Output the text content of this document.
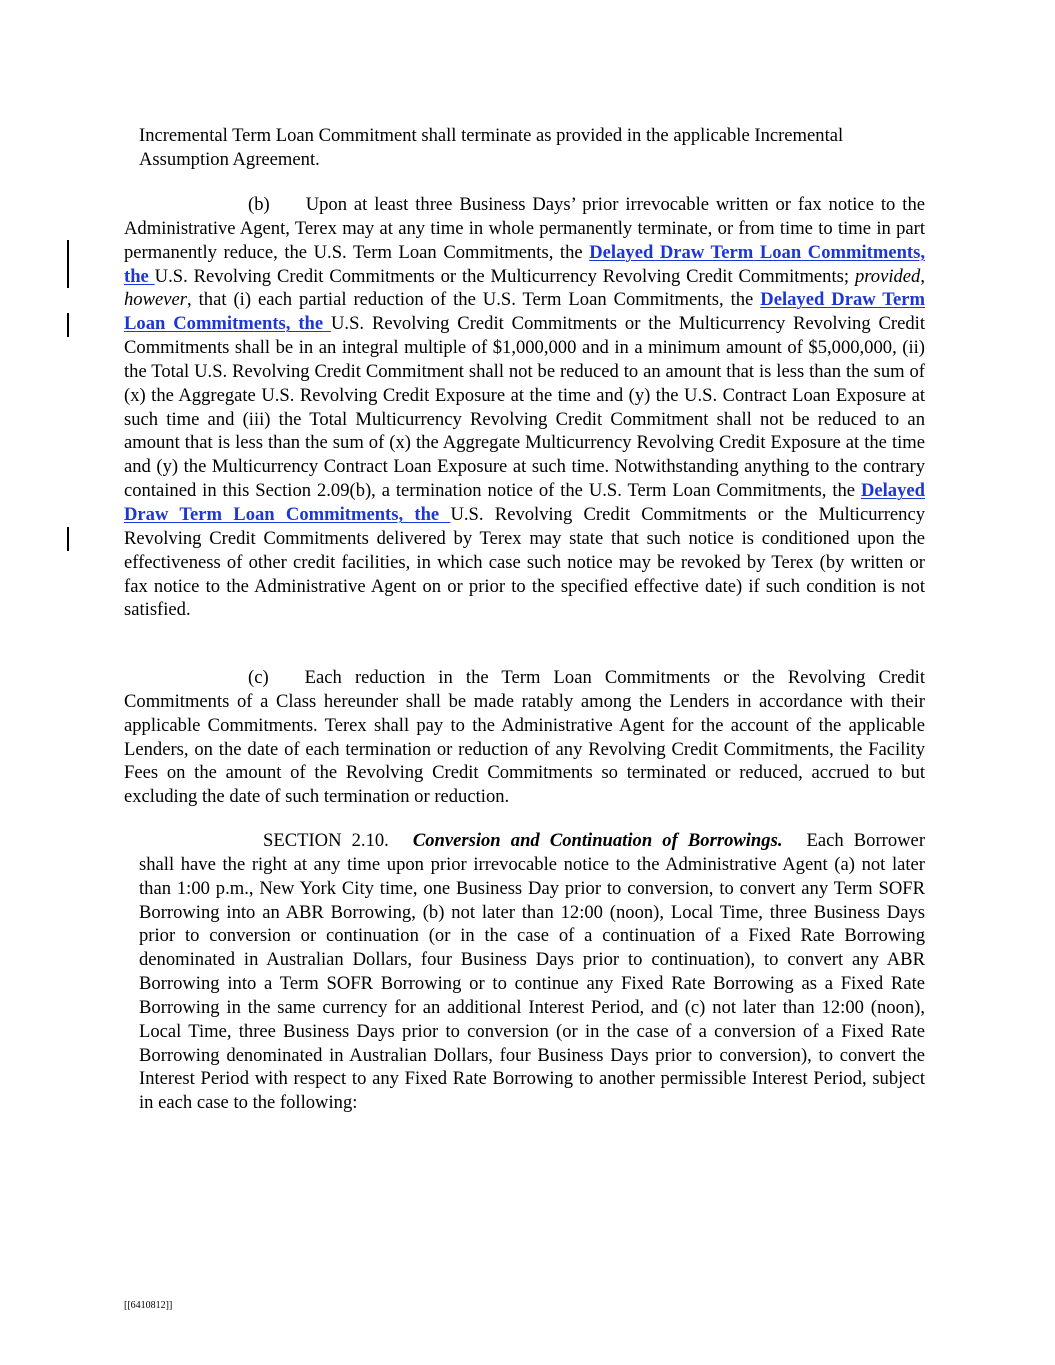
Incremental Term Loan Commitment shall terminate as provided in the applicable Incremental Assumption Agreement.

(b) Upon at least three Business Days’ prior irrevocable written or fax notice to the Administrative Agent, Terex may at any time in whole permanently terminate, or from time to time in part permanently reduce, the U.S. Term Loan Commitments, the Delayed Draw Term Loan Commitments, the U.S. Revolving Credit Commitments or the Multicurrency Revolving Credit Commitments; provided, however, that (i) each partial reduction of the U.S. Term Loan Commitments, the Delayed Draw Term Loan Commitments, the U.S. Revolving Credit Commitments or the Multicurrency Revolving Credit Commitments shall be in an integral multiple of $1,000,000 and in a minimum amount of $5,000,000, (ii) the Total U.S. Revolving Credit Commitment shall not be reduced to an amount that is less than the sum of (x) the Aggregate U.S. Revolving Credit Exposure at the time and (y) the U.S. Contract Loan Exposure at such time and (iii) the Total Multicurrency Revolving Credit Commitment shall not be reduced to an amount that is less than the sum of (x) the Aggregate Multicurrency Revolving Credit Exposure at the time and (y) the Multicurrency Contract Loan Exposure at such time. Notwithstanding anything to the contrary contained in this Section 2.09(b), a termination notice of the U.S. Term Loan Commitments, the Delayed Draw Term Loan Commitments, the U.S. Revolving Credit Commitments or the Multicurrency Revolving Credit Commitments delivered by Terex may state that such notice is conditioned upon the effectiveness of other credit facilities, in which case such notice may be revoked by Terex (by written or fax notice to the Administrative Agent on or prior to the specified effective date) if such condition is not satisfied.

(c) Each reduction in the Term Loan Commitments or the Revolving Credit Commitments of a Class hereunder shall be made ratably among the Lenders in accordance with their applicable Commitments. Terex shall pay to the Administrative Agent for the account of the applicable Lenders, on the date of each termination or reduction of any Revolving Credit Commitments, the Facility Fees on the amount of the Revolving Credit Commitments so terminated or reduced, accrued to but excluding the date of such termination or reduction.

SECTION 2.10. Conversion and Continuation of Borrowings. Each Borrower shall have the right at any time upon prior irrevocable notice to the Administrative Agent (a) not later than 1:00 p.m., New York City time, one Business Day prior to conversion, to convert any Term SOFR Borrowing into an ABR Borrowing, (b) not later than 12:00 (noon), Local Time, three Business Days prior to conversion or continuation (or in the case of a continuation of a Fixed Rate Borrowing denominated in Australian Dollars, four Business Days prior to continuation), to convert any ABR Borrowing into a Term SOFR Borrowing or to continue any Fixed Rate Borrowing as a Fixed Rate Borrowing in the same currency for an additional Interest Period, and (c) not later than 12:00 (noon), Local Time, three Business Days prior to conversion (or in the case of a conversion of a Fixed Rate Borrowing denominated in Australian Dollars, four Business Days prior to conversion), to convert the Interest Period with respect to any Fixed Rate Borrowing to another permissible Interest Period, subject in each case to the following:

[[6410812]]
